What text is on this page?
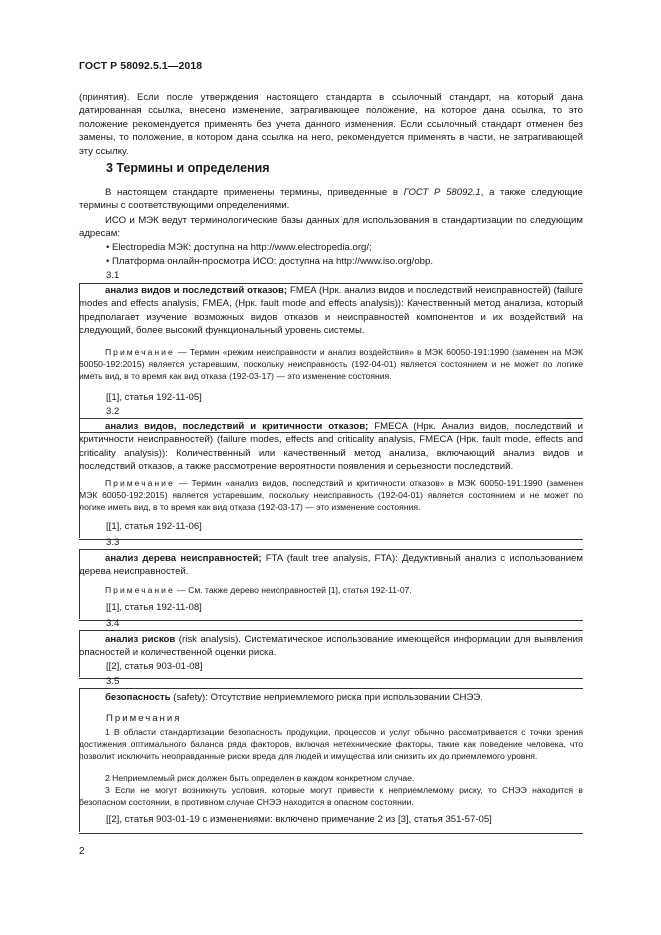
ГОСТ Р 58092.5.1—2018

(принятия). Если после утверждения настоящего стандарта в ссылочный стандарт, на который дана датированная ссылка, внесено изменение, затрагивающее положение, на которое дана ссылка, то это положение рекомендуется применять без учета данного изменения. Если ссылочный стандарт отменен без замены, то положение, в котором дана ссылка на него, рекомендуется применять в части, не затрагивающей эту ссылку.

3 Термины и определения

В настоящем стандарте применены термины, приведенные в ГОСТ Р 58092.1, а также следующие термины с соответствующими определениями.

ИСО и МЭК ведут терминологические базы данных для использования в стандартизации по следующим адресам:

• Electropedia МЭК: доступна на http://www.electropedia.org/;
• Платформа онлайн-просмотра ИСО: доступна на http://www.iso.org/obp.
3.1

анализ видов и последствий отказов; FMEA (Нрк. анализ видов и последствий неисправностей) (failure modes and effects analysis, FMEA, (Нрк. fault mode and effects analysis)): Качественный метод анализа, который предполагает изучение возможных видов отказов и неисправностей компонентов и их воздействий на следующий, более высокий функциональный уровень системы.

Примечание — Термин «режим неисправности и анализ воздействия» в МЭК 60050-191:1990 (заменен на МЭК 60050-192:2015) является устаревшим, поскольку неисправность (192-04-01) является состоянием и не может по логике иметь вид, в то время как вид отказа (192-03-17) — это изменение состояния.

[[1], статья 192-11-05]
3.2

анализ видов, последствий и критичности отказов; FMECA (Нрк. Анализ видов, последствий и критичности неисправностей) (failure modes, effects and criticality analysis, FMECA (Нрк. fault mode, effects and criticality analysis)): Количественный или качественный метод анализа, включающий анализ видов и последствий отказов, а также рассмотрение вероятности появления и серьезности последствий.

Примечание — Термин «анализ видов, последствий и критичности отказов» в МЭК 60050-191:1990 (заменен МЭК 60050-192:2015) является устаревшим, поскольку неисправность (192-04-01) является состоянием и не может по логике иметь вид, в то время как вид отказа (192-03-17) — это изменение состояния.

[[1], статья 192-11-06]
3.3

анализ дерева неисправностей; FTA (fault tree analysis, FTA): Дедуктивный анализ с использованием дерева неисправностей.

Примечание — См. также дерево неисправностей [1], статья 192-11-07.

[[1], статья 192-11-08]
3.4

анализ рисков (risk analysis). Систематическое использование имеющейся информации для выявления опасностей и количественной оценки риска.

[[2], статья 903-01-08]
3.5

безопасность (safety): Отсутствие неприемлемого риска при использовании СНЭЭ.

Примечания

1 В области стандартизации безопасность продукции, процессов и услуг обычно рассматривается с точки зрения достижения оптимального баланса ряда факторов, включая нетехнические факторы, такие как поведение человека, что позволит исключить неоправданные риски вреда для людей и имущества или снизить их до приемлемого уровня.

2 Неприемлемый риск должен быть определен в каждом конкретном случае.

3 Если не могут возникнуть условия, которые могут привести к неприемлемому риску, то СНЭЭ находится в безопасном состоянии, в противном случае СНЭЭ находится в опасном состоянии.

[[2], статья 903-01-19 с изменениями: включено примечание 2 из [3], статья 351-57-05]
2
